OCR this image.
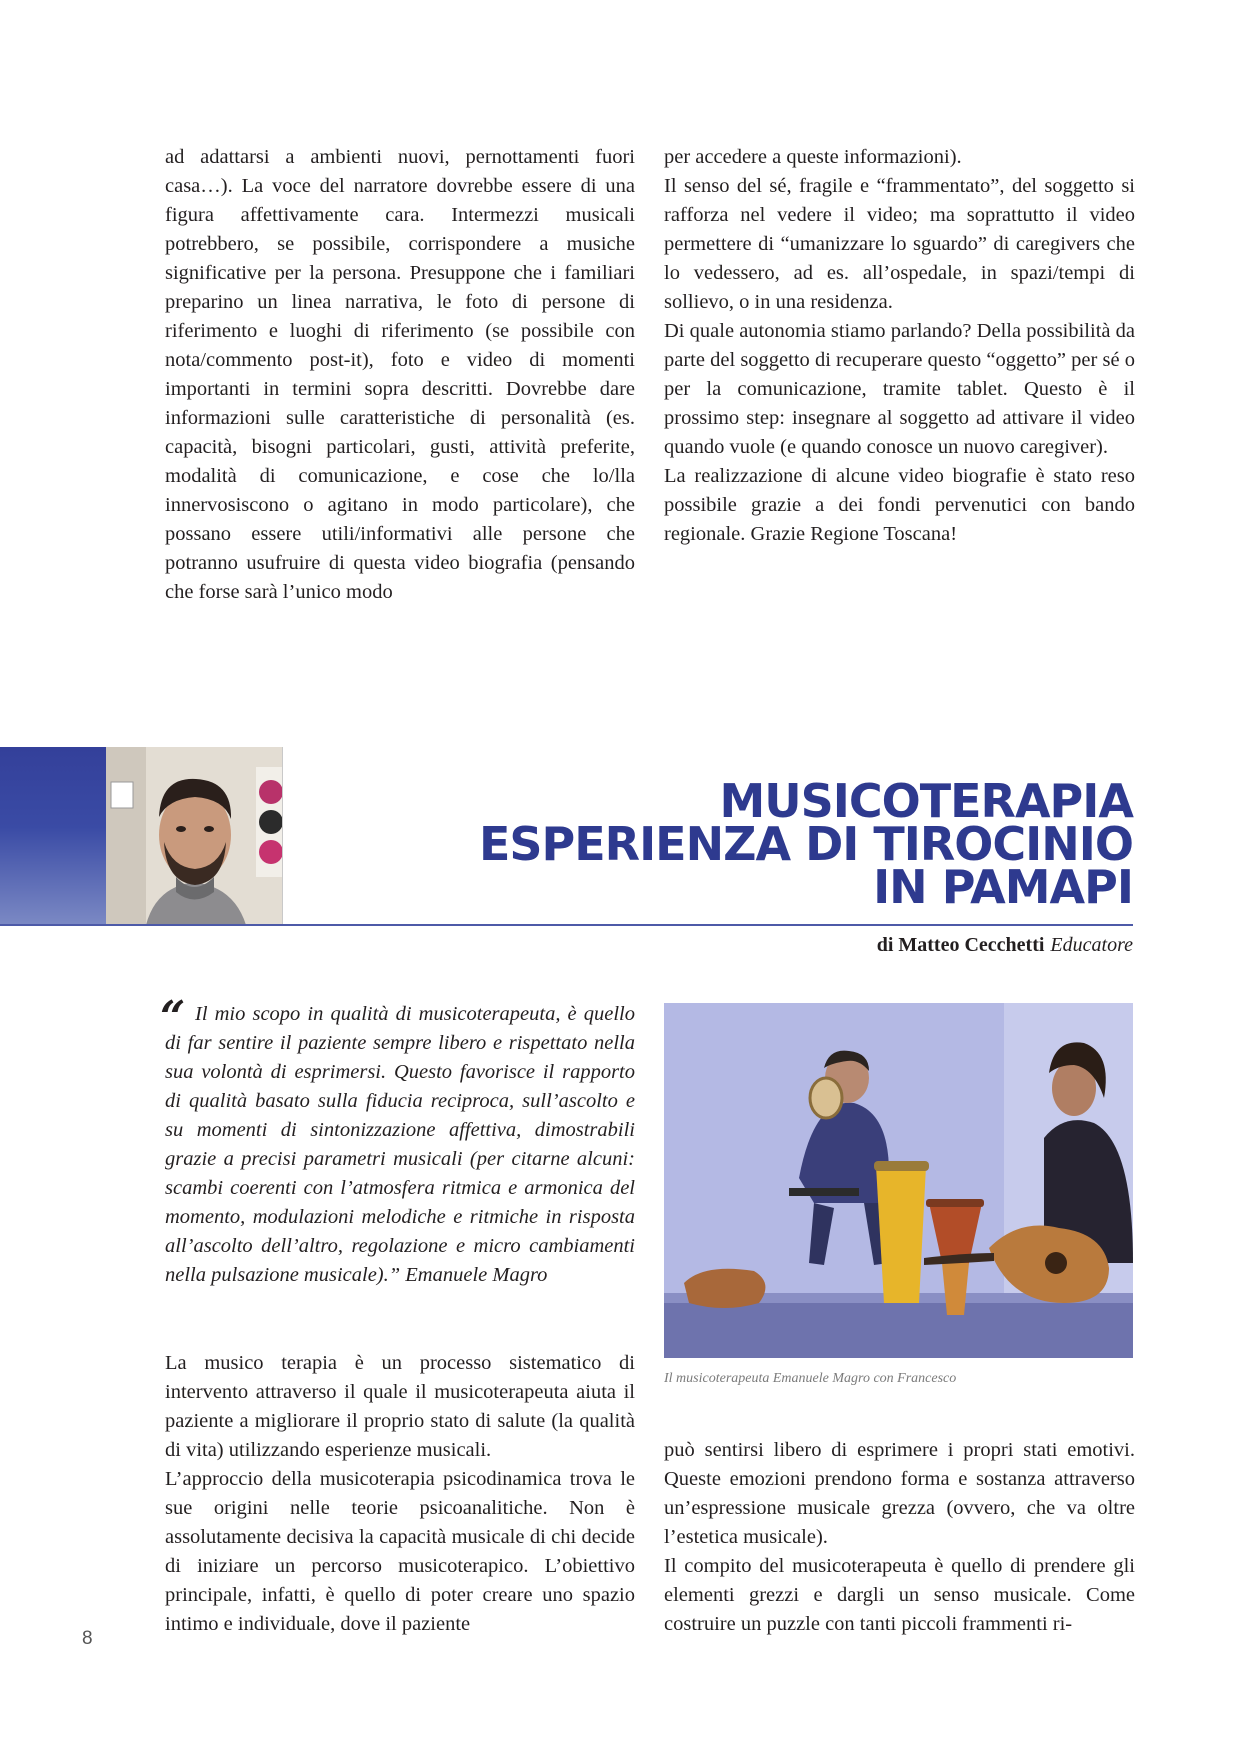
ad adattarsi a ambienti nuovi, pernottamenti fuori casa…). La voce del narratore dovrebbe essere di una figura affettivamente cara. Intermezzi musicali potrebbero, se possibile, corrispondere a musiche significative per la persona. Presuppone che i familiari preparino un linea narrativa, le foto di persone di riferimento e luoghi di riferimento (se possibile con nota/commento post-it), foto e video di momenti importanti in termini sopra descritti. Dovrebbe dare informazioni sulle caratteristiche di personalità (es. capacità, bisogni particolari, gusti, attività preferite, modalità di comunicazione, e cose che lo/lla innervosiscono o agitano in modo particolare), che possano essere utili/informativi alle persone che potranno usufruire di questa video biografia (pensando che forse sarà l’unico modo

per accedere a queste informazioni).

Il senso del sé, fragile e “frammentato”, del soggetto si rafforza nel vedere il video; ma soprattutto il video permettere di “umanizzare lo sguardo” di caregivers che lo vedessero, ad es. all’ospedale, in spazi/tempi di sollievo, o in una residenza.

Di quale autonomia stiamo parlando? Della possibilità da parte del soggetto di recuperare questo “oggetto” per sé o per la comunicazione, tramite tablet. Questo è il prossimo step: insegnare al soggetto ad attivare il video quando vuole (e quando conosce un nuovo caregiver).

La realizzazione di alcune video biografie è stato reso possibile grazie a dei fondi pervenutici con bando regionale. Grazie Regione Toscana!

MUSICOTERAPIA
ESPERIENZA DI TIROCINIO
IN PAMAPI
di Matteo Cecchetti Educatore
“ Il mio scopo in qualità di musicoterapeuta, è quello di far sentire il paziente sempre libero e rispettato nella sua volontà di esprimersi. Questo favorisce il rapporto di qualità basato sulla fiducia reciproca, sull’ascolto e su momenti di sintonizzazione affettiva, dimostrabili grazie a precisi parametri musicali (per citarne alcuni: scambi coerenti con l’atmosfera ritmica e armonica del momento, modulazioni melodiche e ritmiche in risposta all’ascolto dell’altro, regolazione e micro cambiamenti nella pulsazione musicale).” Emanuele Magro

La musico terapia è un processo sistematico di intervento attraverso il quale il musicoterapeuta aiuta il paziente a migliorare il proprio stato di salute (la qualità di vita) utilizzando esperienze musicali.

L’approccio della musicoterapia psicodinamica trova le sue origini nelle teorie psicoanalitiche. Non è assolutamente decisiva la capacità musicale di chi decide di iniziare un percorso musicoterapico. L’obiettivo principale, infatti, è quello di poter creare uno spazio intimo e individuale, dove il paziente

Il musicoterapeuta Emanuele Magro con Francesco

può sentirsi libero di esprimere i propri stati emotivi. Queste emozioni prendono forma e sostanza attraverso un’espressione musicale grezza (ovvero, che va oltre l’estetica musicale).

Il compito del musicoterapeuta è quello di prendere gli elementi grezzi e dargli un senso musicale. Come costruire un puzzle con tanti piccoli frammenti ri-

8
